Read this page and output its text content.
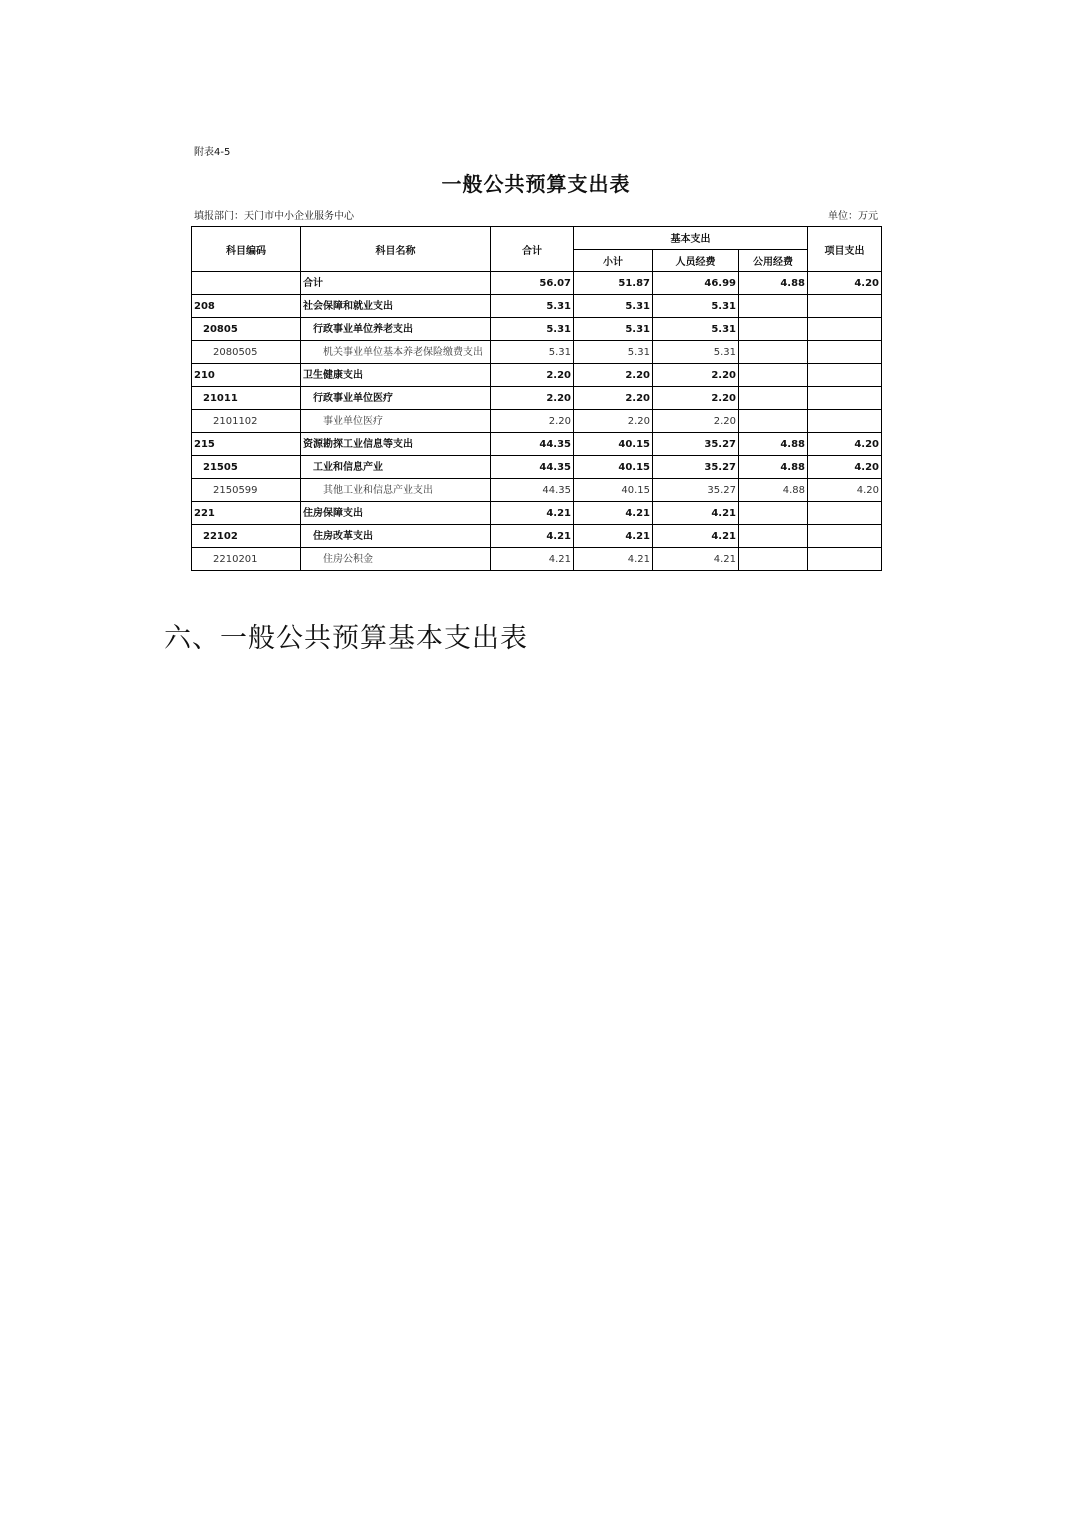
附表4-5
一般公共预算支出表
填报部门：天门市中小企业服务中心	单位：万元
科目编码	科目名称	合计	基本支出			项目支出
			小计	人员经费	公用经费	
	合计	56.07	51.87	46.99	4.88	4.20
208	社会保障和就业支出	5.31	5.31	5.31		
20805	行政事业单位养老支出	5.31	5.31	5.31		
2080505	机关事业单位基本养老保险缴费支出	5.31	5.31	5.31		
210	卫生健康支出	2.20	2.20	2.20		
21011	行政事业单位医疗	2.20	2.20	2.20		
2101102	事业单位医疗	2.20	2.20	2.20		
215	资源勘探工业信息等支出	44.35	40.15	35.27	4.88	4.20
21505	工业和信息产业	44.35	40.15	35.27	4.88	4.20
2150599	其他工业和信息产业支出	44.35	40.15	35.27	4.88	4.20
221	住房保障支出	4.21	4.21	4.21		
22102	住房改革支出	4.21	4.21	4.21		
2210201	住房公积金	4.21	4.21	4.21		
六、一般公共预算基本支出表
